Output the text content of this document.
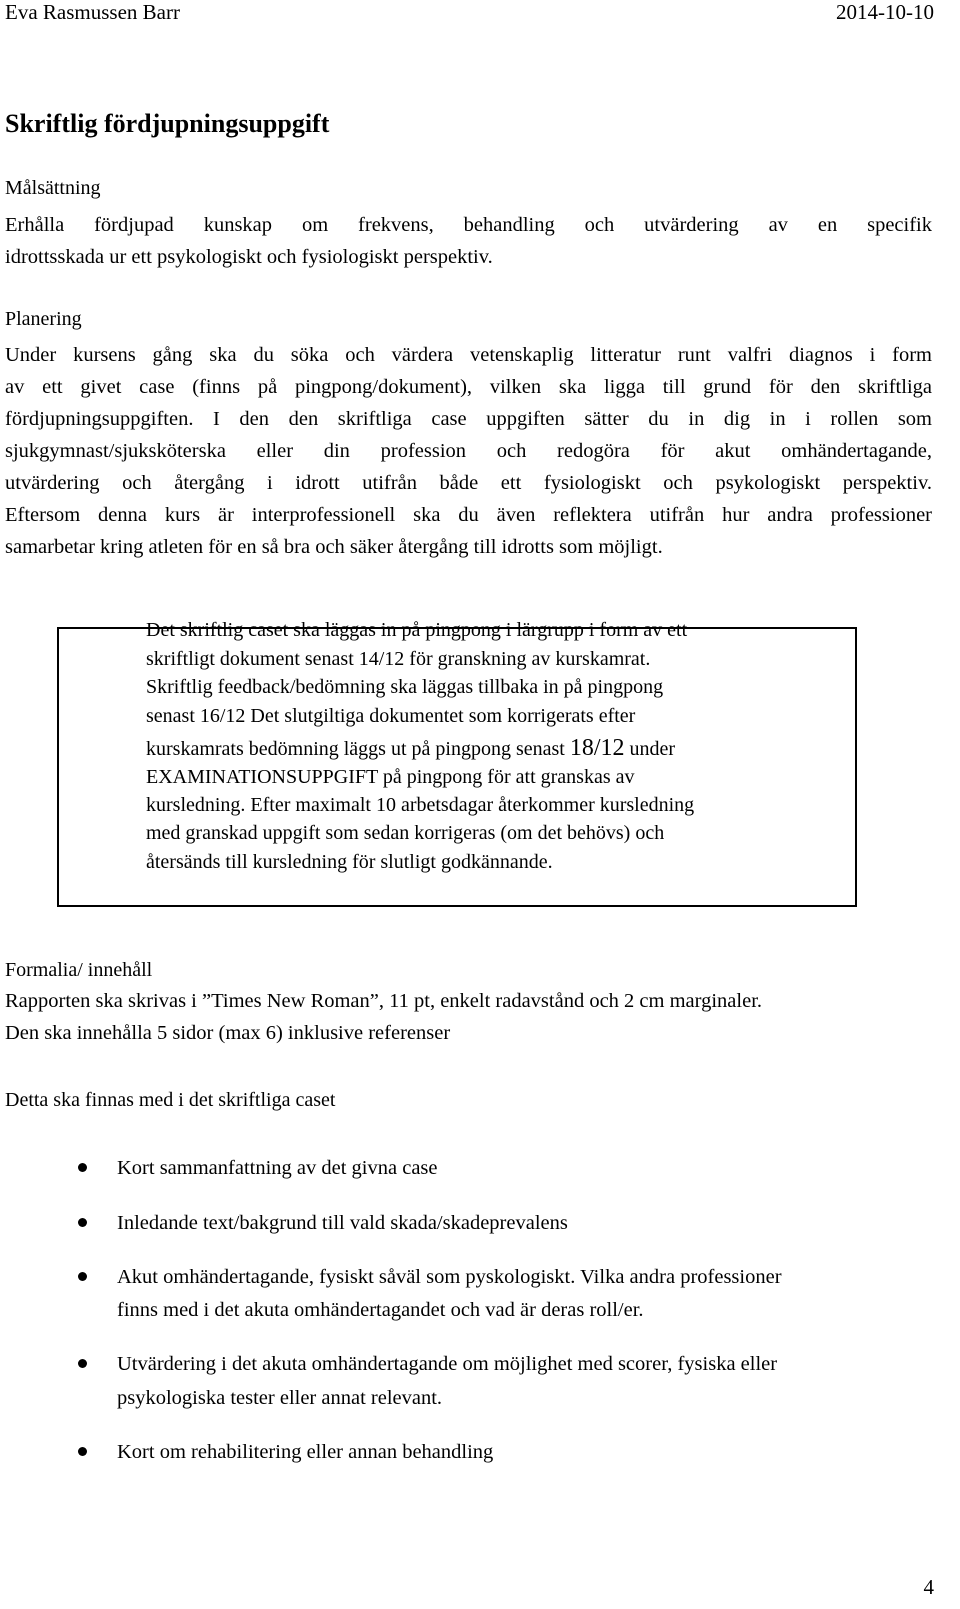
Eva Rasmussen Barr	2014-10-10
Skriftlig fördjupningsuppgift
Målsättning
Erhålla fördjupad kunskap om frekvens, behandling och utvärdering av en specifik
idrottsskada ur ett psykologiskt och fysiologiskt perspektiv.
Planering
Under kursens gång ska du söka och värdera vetenskaplig litteratur runt valfri diagnos i form
av ett givet case (finns på pingpong/dokument), vilken ska ligga till grund för den skriftliga
fördjupningsuppgiften. I den den skriftliga case uppgiften sätter du in dig in i rollen som
sjukgymnast/sjuksköterska eller din profession och redogöra för akut omhändertagande,
utvärdering och återgång i idrott utifrån både ett fysiologiskt och psykologiskt perspektiv.
Eftersom denna kurs är interprofessionell ska du även reflektera utifrån hur andra professioner
samarbetar kring atleten för en så bra och säker återgång till idrotts som möjligt.
Det skriftlig caset ska läggas in på pingpong i lärgrupp i form av ett
skriftligt dokument senast 14/12 för granskning av kurskamrat.
Skriftlig feedback/bedömning ska läggas tillbaka in på pingpong
senast 16/12 Det slutgiltiga dokumentet som korrigerats efter
kurskamrats bedömning läggs ut på pingpong senast 18/12 under
EXAMINATIONSUPPGIFT på pingpong för att granskas av
kursledning. Efter maximalt 10 arbetsdagar återkommer kursledning
med granskad uppgift som sedan korrigeras (om det behövs) och
återsänds till kursledning för slutligt godkännande.
Formalia/ innehåll
Rapporten ska skrivas i ”Times New Roman”, 11 pt, enkelt radavstånd och 2 cm marginaler.
Den ska innehålla 5 sidor (max 6) inklusive referenser
Detta ska finnas med i det skriftliga caset
Kort sammanfattning av det givna case
Inledande text/bakgrund till vald skada/skadeprevalens
Akut omhändertagande, fysiskt såväl som pyskologiskt. Vilka andra professioner
finns med i det akuta omhändertagandet och vad är deras roll/er.
Utvärdering i det akuta omhändertagande om möjlighet med scorer, fysiska eller
psykologiska tester eller annat relevant.
Kort om rehabilitering eller annan behandling
4
